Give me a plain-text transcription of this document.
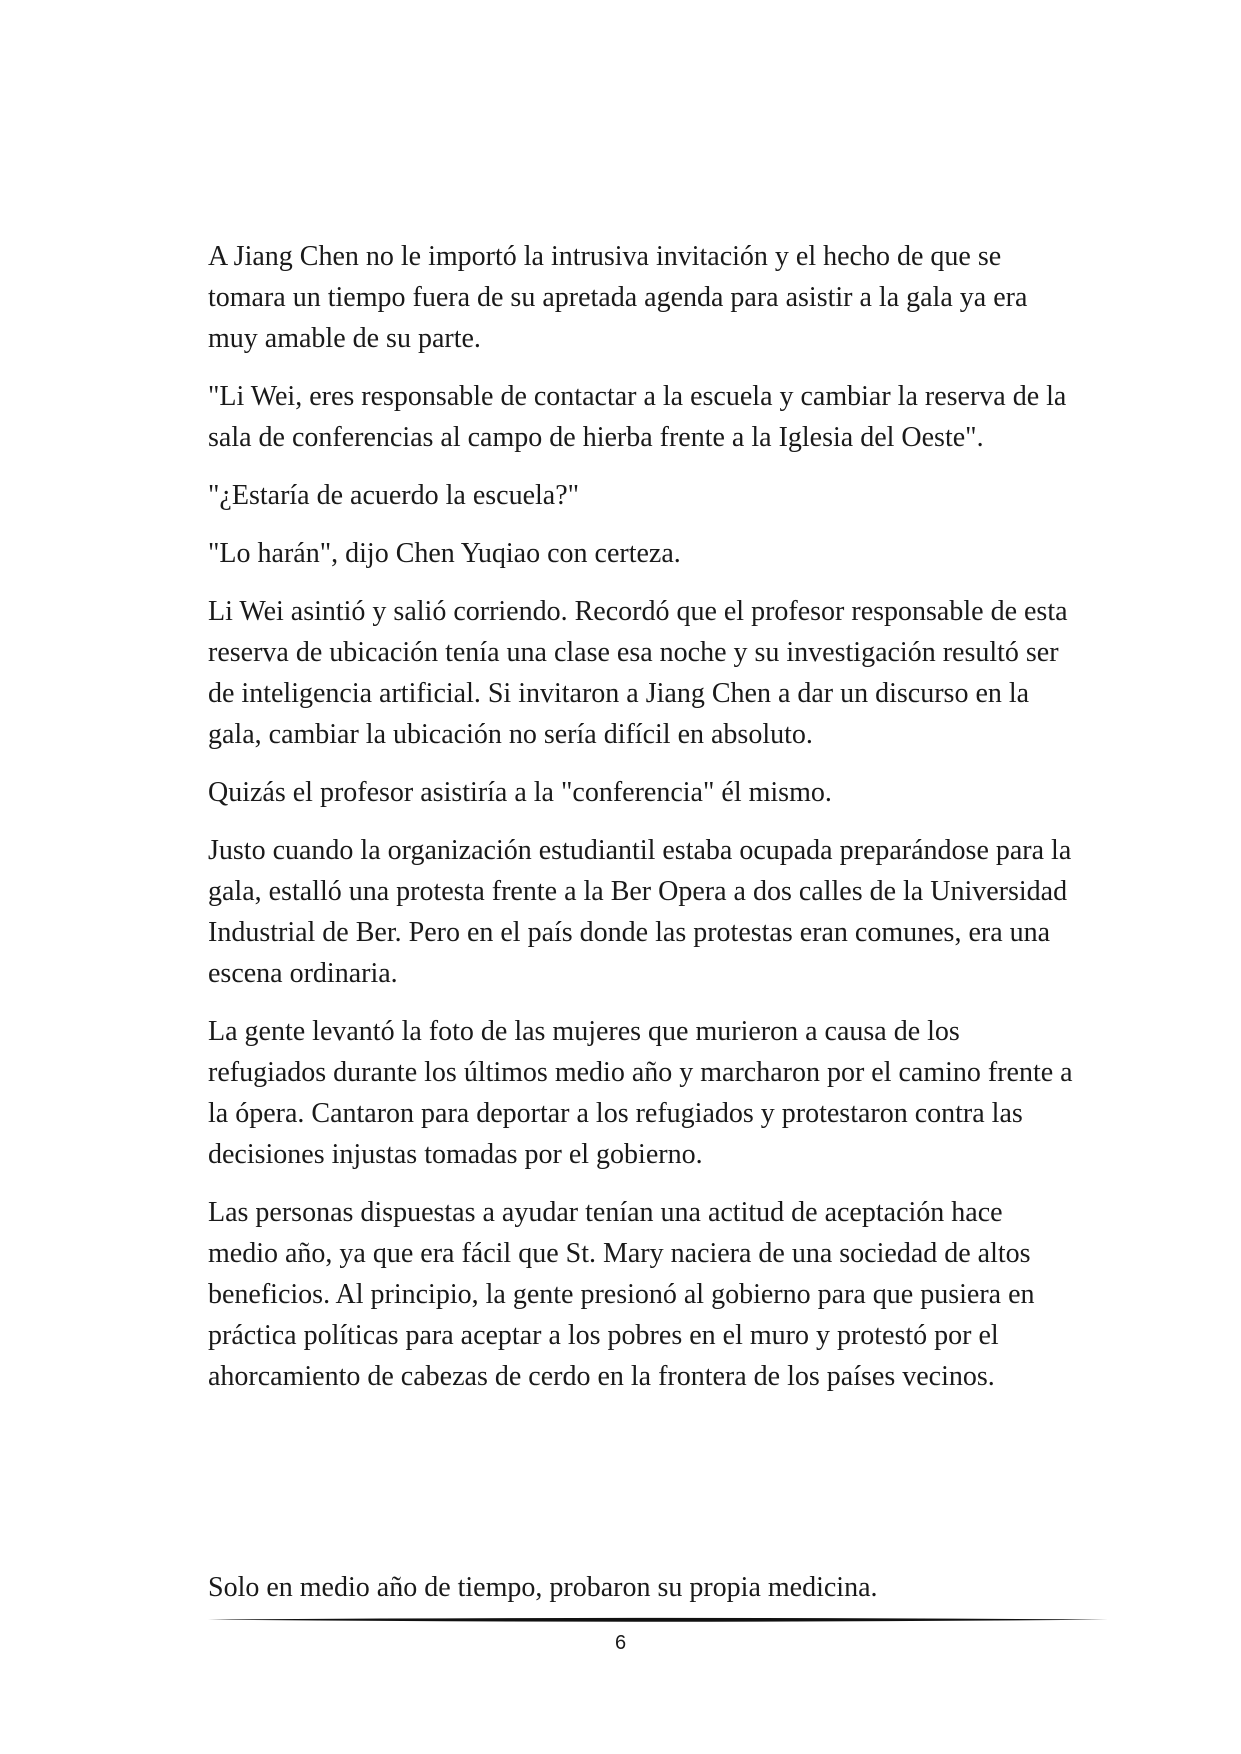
A Jiang Chen no le importó la intrusiva invitación y el hecho de que se tomara un tiempo fuera de su apretada agenda para asistir a la gala ya era muy amable de su parte.

"Li Wei, eres responsable de contactar a la escuela y cambiar la reserva de la sala de conferencias al campo de hierba frente a la Iglesia del Oeste".

"¿Estaría de acuerdo la escuela?"

"Lo harán", dijo Chen Yuqiao con certeza.

Li Wei asintió y salió corriendo. Recordó que el profesor responsable de esta reserva de ubicación tenía una clase esa noche y su investigación resultó ser de inteligencia artificial. Si invitaron a Jiang Chen a dar un discurso en la gala, cambiar la ubicación no sería difícil en absoluto.

Quizás el profesor asistiría a la "conferencia" él mismo.

Justo cuando la organización estudiantil estaba ocupada preparándose para la gala, estalló una protesta frente a la Ber Opera a dos calles de la Universidad Industrial de Ber. Pero en el país donde las protestas eran comunes, era una escena ordinaria.

La gente levantó la foto de las mujeres que murieron a causa de los refugiados durante los últimos medio año y marcharon por el camino frente a la ópera. Cantaron para deportar a los refugiados y protestaron contra las decisiones injustas tomadas por el gobierno.

Las personas dispuestas a ayudar tenían una actitud de aceptación hace medio año, ya que era fácil que St. Mary naciera de una sociedad de altos beneficios. Al principio, la gente presionó al gobierno para que pusiera en práctica políticas para aceptar a los pobres en el muro y protestó por el ahorcamiento de cabezas de cerdo en la frontera de los países vecinos.

Solo en medio año de tiempo, probaron su propia medicina.

6
